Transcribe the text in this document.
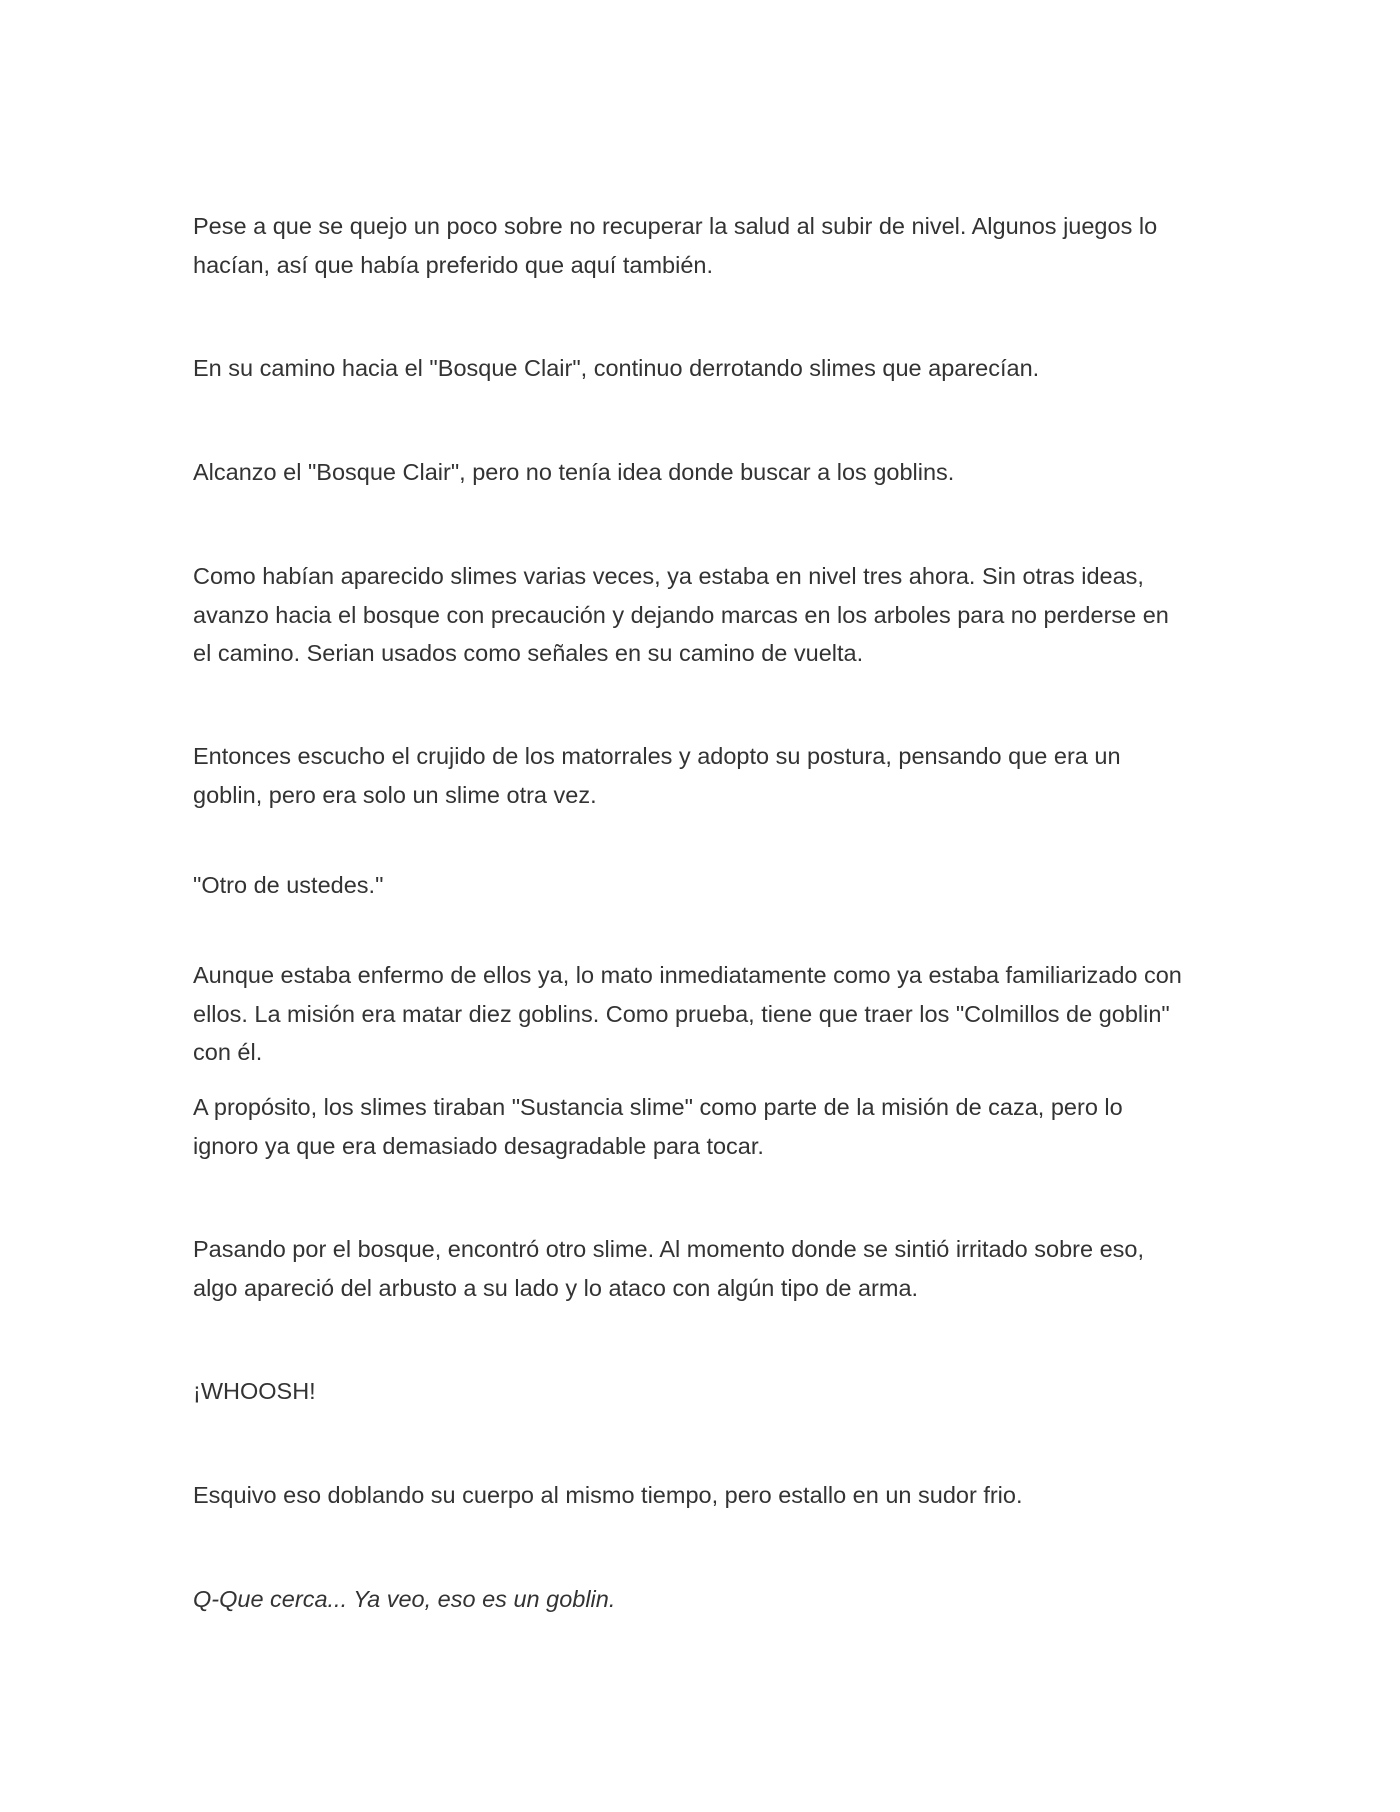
Pese a que se quejo un poco sobre no recuperar la salud al subir de nivel. Algunos juegos lo
hacían, así que había preferido que aquí también.

En su camino hacia el "Bosque Clair", continuo derrotando slimes que aparecían.

Alcanzo el "Bosque Clair", pero no tenía idea donde buscar a los goblins.

Como habían aparecido slimes varias veces, ya estaba en nivel tres ahora. Sin otras ideas,
avanzo hacia el bosque con precaución y dejando marcas en los arboles para no perderse en
el camino. Serian usados como señales en su camino de vuelta.

Entonces escucho el crujido de los matorrales y adopto su postura, pensando que era un
goblin, pero era solo un slime otra vez.

"Otro de ustedes."

Aunque estaba enfermo de ellos ya, lo mato inmediatamente como ya estaba familiarizado con
ellos. La misión era matar diez goblins. Como prueba, tiene que traer los "Colmillos de goblin"
con él.

A propósito, los slimes tiraban "Sustancia slime" como parte de la misión de caza, pero lo
ignoro ya que era demasiado desagradable para tocar.

Pasando por el bosque, encontró otro slime. Al momento donde se sintió irritado sobre eso,
algo apareció del arbusto a su lado y lo ataco con algún tipo de arma.

¡WHOOSH!

Esquivo eso doblando su cuerpo al mismo tiempo, pero estallo en un sudor frio.

Q-Que cerca... Ya veo, eso es un goblin.
